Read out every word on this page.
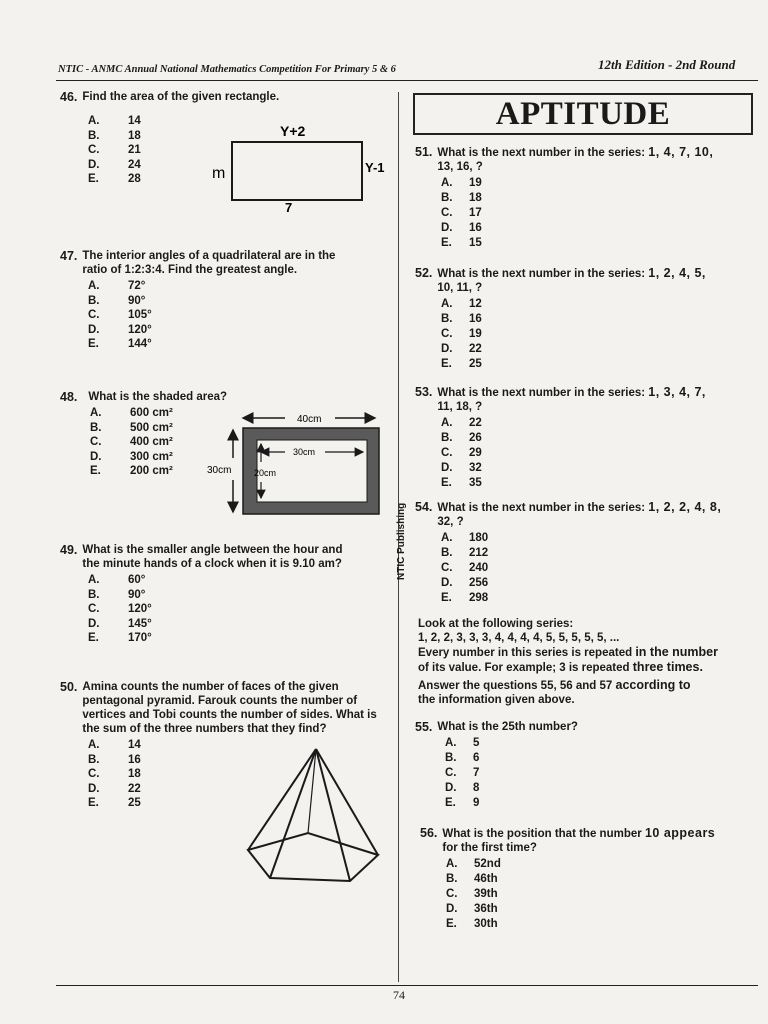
NTIC - ANMC Annual National Mathematics Competition For Primary 5 & 6	12th Edition - 2nd Round
NTIC Publishing
46. Find the area of the given rectangle.
A.	14
B.	18
C.	21
D.	24
E.	28
Y+2
m	Y-1
7
47. The interior angles of a quadrilateral are in the
ratio of 1:2:3:4. Find the greatest angle.
A.	72°
B.	90°
C.	105°
D.	120°
E.	144°
48. What is the shaded area?
A.	600 cm²
B.	500 cm²
C.	400 cm²
D.	300 cm²
E.	200 cm²
40cm
30cm
20cm
30cm
49. What is the smaller angle between the hour and
the minute hands of a clock when it is 9.10 am?
A.	60°
B.	90°
C.	120°
D.	145°
E.	170°
50. Amina counts the number of faces of the given
pentagonal pyramid. Farouk counts the number of
vertices and Tobi counts the number of sides. What is
the sum of the three numbers that they find?
A.	14
B.	16
C.	18
D.	22
E.	25
APTITUDE
51. What is the next number in the series: 1, 4, 7, 10,
13, 16, ?
A.	19
B.	18
C.	17
D.	16
E.	15
52. What is the next number in the series: 1, 2, 4, 5,
10, 11, ?
A.	12
B.	16
C.	19
D.	22
E.	25
53. What is the next number in the series: 1, 3, 4, 7,
11, 18, ?
A.	22
B.	26
C.	29
D.	32
E.	35
54. What is the next number in the series: 1, 2, 2, 4, 8,
32, ?
A.	180
B.	212
C.	240
D.	256
E.	298
Look at the following series:
1, 2, 2, 3, 3, 3, 4, 4, 4, 4, 5, 5, 5, 5, 5, ...
Every number in this series is repeated in the number
of its value. For example; 3 is repeated three times.
Answer the questions 55, 56 and 57 according to
the information given above.
55. What is the 25th number?
A.	5
B.	6
C.	7
D.	8
E.	9
56. What is the position that the number 10 appears
for the first time?
A.	52nd
B.	46th
C.	39th
D.	36th
E.	30th
74
